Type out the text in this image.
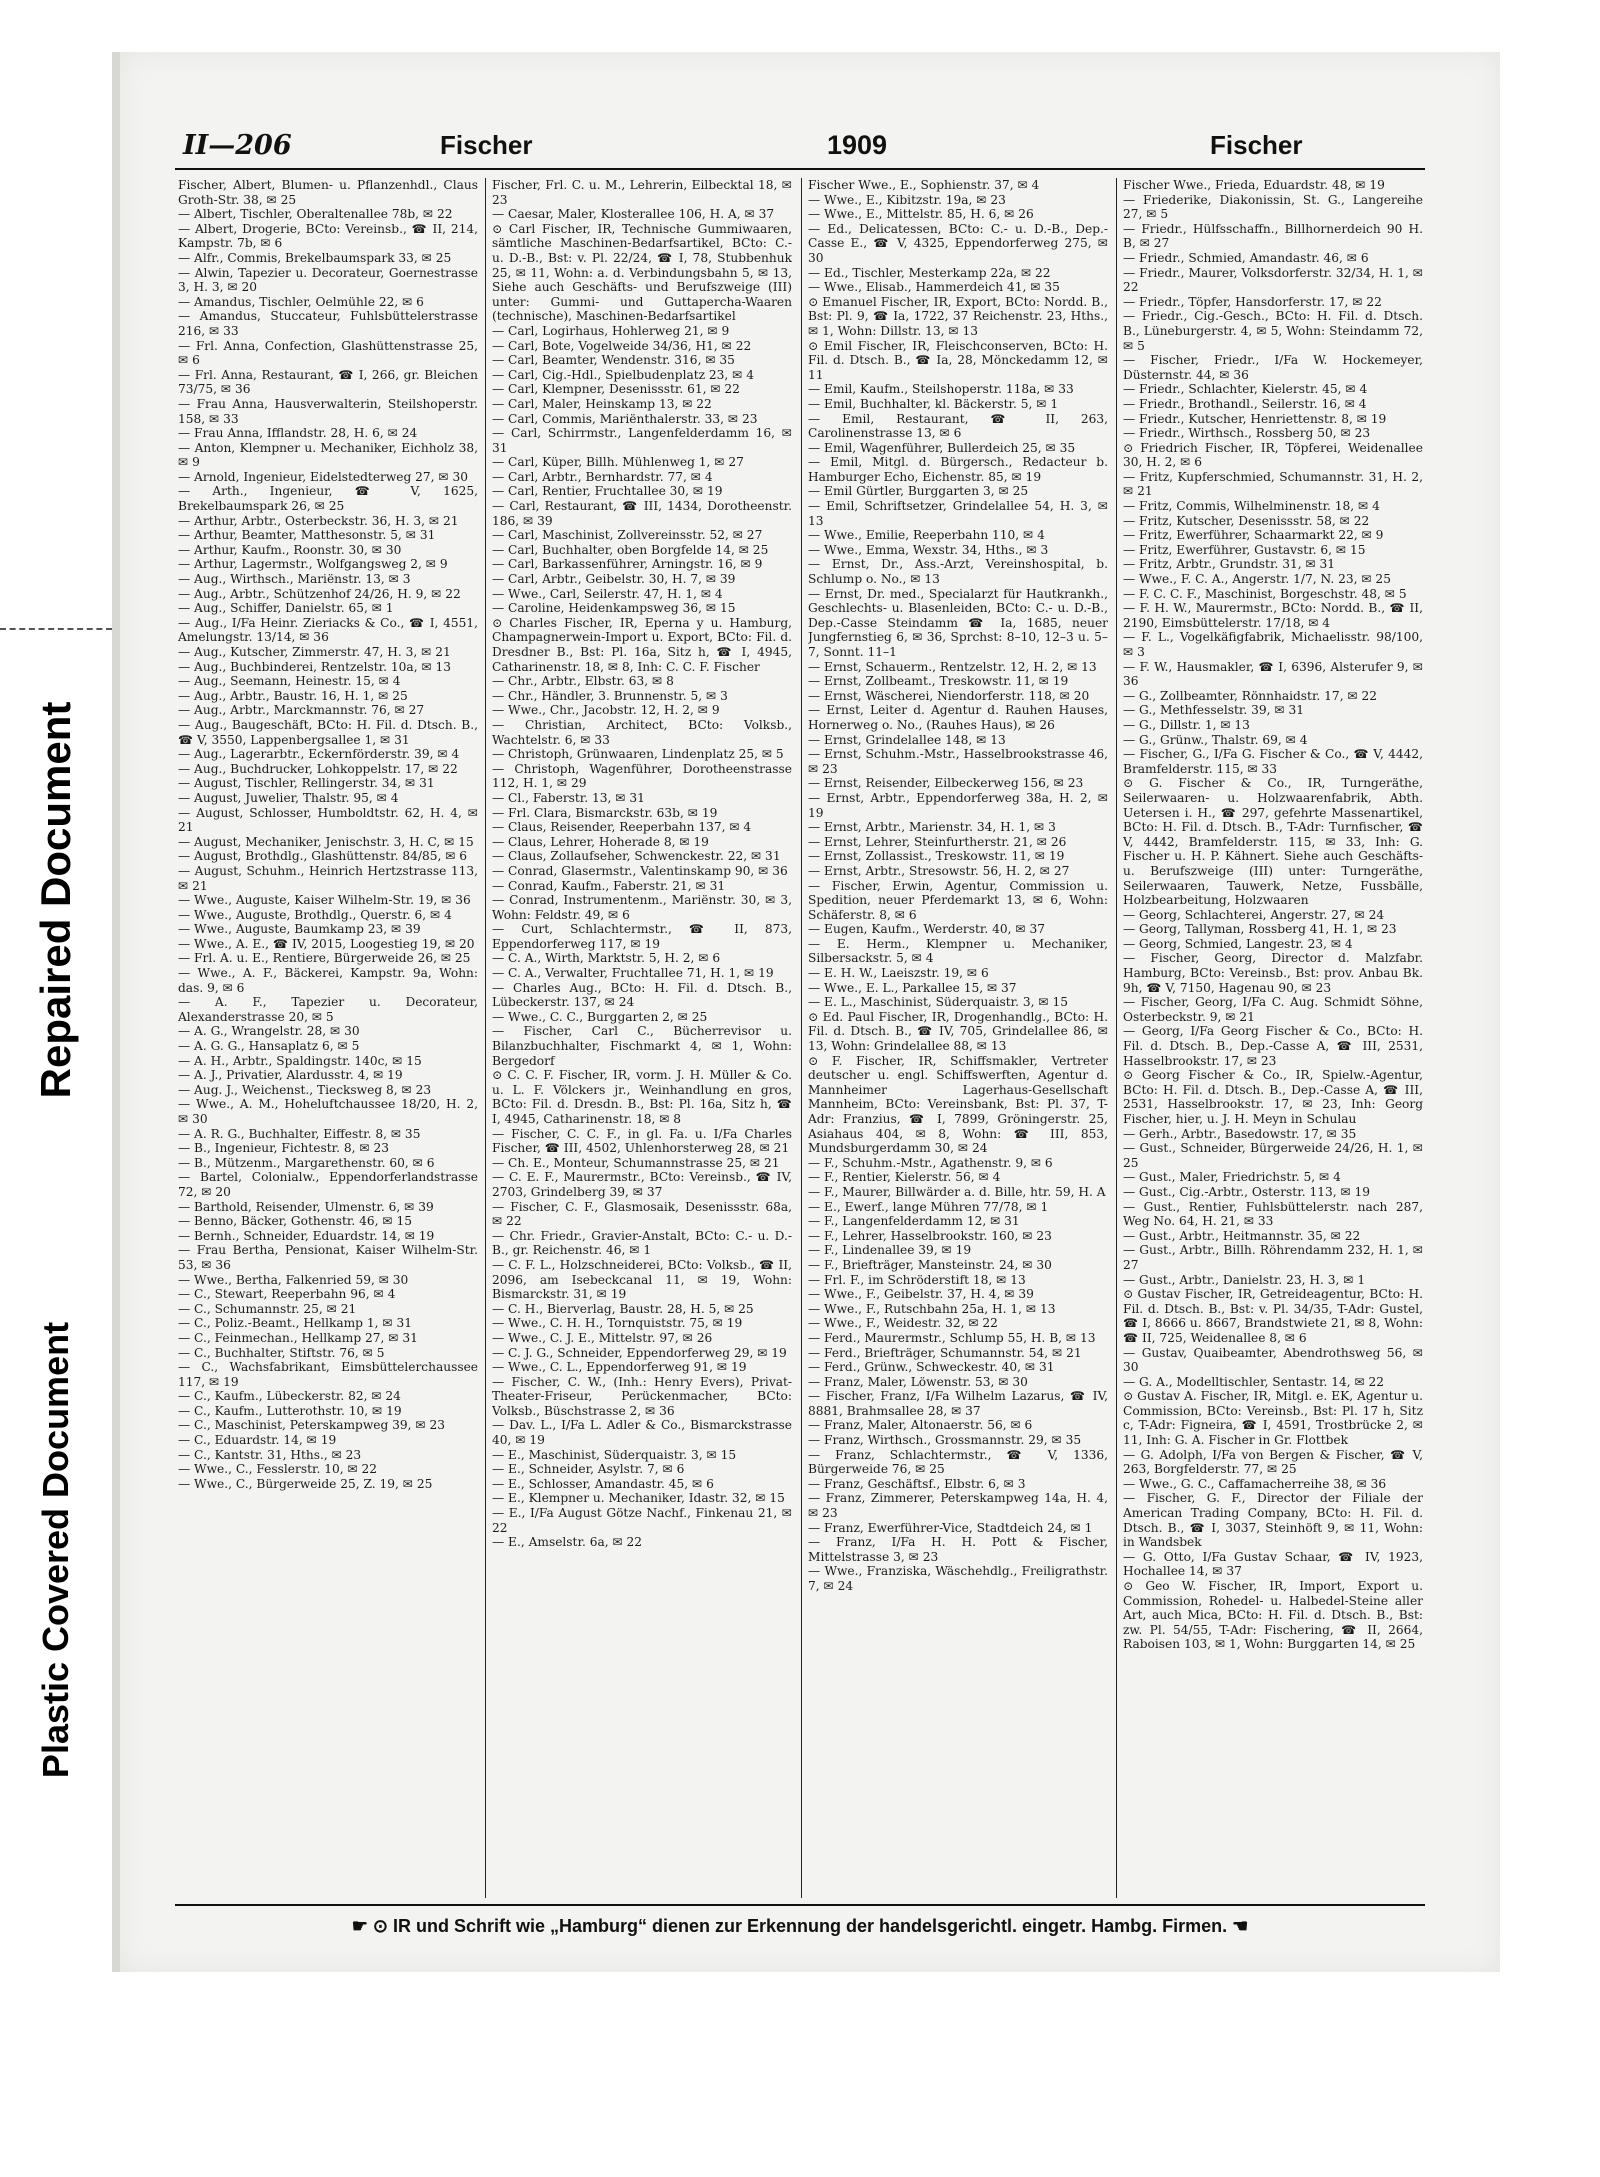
Repaired Document
Plastic Covered Document
II—206	Fischer	1909	Fischer

Fischer, Albert, Blumen- u. Pflanzenhdl., Claus Groth-Str. 38, ✉ 25

— Albert, Tischler, Oberaltenallee 78b, ✉ 22

— Albert, Drogerie, BCto: Vereinsb., ☎ II, 214, Kampstr. 7b, ✉ 6

— Alfr., Commis, Brekelbaumspark 33, ✉ 25

— Alwin, Tapezier u. Decorateur, Goernestrasse 3, H. 3, ✉ 20

— Amandus, Tischler, Oelmühle 22, ✉ 6

— Amandus, Stuccateur, Fuhlsbüttelerstrasse 216, ✉ 33

— Frl. Anna, Confection, Glashüttenstrasse 25, ✉ 6

— Frl. Anna, Restaurant, ☎ I, 266, gr. Bleichen 73/75, ✉ 36

— Frau Anna, Hausverwalterin, Steilshoperstr. 158, ✉ 33

— Frau Anna, Ifflandstr. 28, H. 6, ✉ 24

— Anton, Klempner u. Mechaniker, Eichholz 38, ✉ 9

— Arnold, Ingenieur, Eidelstedterweg 27, ✉ 30

— Arth., Ingenieur, ☎ V, 1625, Brekelbaumspark 26, ✉ 25

— Arthur, Arbtr., Osterbeckstr. 36, H. 3, ✉ 21

— Arthur, Beamter, Matthesonstr. 5, ✉ 31

— Arthur, Kaufm., Roonstr. 30, ✉ 30

— Arthur, Lagermstr., Wolfgangsweg 2, ✉ 9

— Aug., Wirthsch., Mariënstr. 13, ✉ 3

— Aug., Arbtr., Schützenhof 24/26, H. 9, ✉ 22

— Aug., Schiffer, Danielstr. 65, ✉ 1

— Aug., I/Fa Heinr. Zieriacks & Co., ☎ I, 4551, Amelungstr. 13/14, ✉ 36

— Aug., Kutscher, Zimmerstr. 47, H. 3, ✉ 21

— Aug., Buchbinderei, Rentzelstr. 10a, ✉ 13

— Aug., Seemann, Heinestr. 15, ✉ 4

— Aug., Arbtr., Baustr. 16, H. 1, ✉ 25

— Aug., Arbtr., Marckmannstr. 76, ✉ 27

— Aug., Baugeschäft, BCto: H. Fil. d. Dtsch. B., ☎ V, 3550, Lappenbergsallee 1, ✉ 31

— Aug., Lagerarbtr., Eckernförderstr. 39, ✉ 4

— Aug., Buchdrucker, Lohkoppelstr. 17, ✉ 22

— August, Tischler, Rellingerstr. 34, ✉ 31

— August, Juwelier, Thalstr. 95, ✉ 4

— August, Schlosser, Humboldtstr. 62, H. 4, ✉ 21

— August, Mechaniker, Jenischstr. 3, H. C, ✉ 15

— August, Brothdlg., Glashüttenstr. 84/85, ✉ 6

— August, Schuhm., Heinrich Hertzstrasse 113, ✉ 21

— Wwe., Auguste, Kaiser Wilhelm-Str. 19, ✉ 36

— Wwe., Auguste, Brothdlg., Querstr. 6, ✉ 4

— Wwe., Auguste, Baumkamp 23, ✉ 39

— Wwe., A. E., ☎ IV, 2015, Loogestieg 19, ✉ 20

— Frl. A. u. E., Rentiere, Bürgerweide 26, ✉ 25

— Wwe., A. F., Bäckerei, Kampstr. 9a, Wohn: das. 9, ✉ 6

— A. F., Tapezier u. Decorateur, Alexanderstrasse 20, ✉ 5

— A. G., Wrangelstr. 28, ✉ 30

— A. G. G., Hansaplatz 6, ✉ 5

— A. H., Arbtr., Spaldingstr. 140c, ✉ 15

— A. J., Privatier, Alardusstr. 4, ✉ 19

— Aug. J., Weichenst., Tiecksweg 8, ✉ 23

— Wwe., A. M., Hoheluftchaussee 18/20, H. 2, ✉ 30

— A. R. G., Buchhalter, Eiffestr. 8, ✉ 35

— B., Ingenieur, Fichtestr. 8, ✉ 23

— B., Mützenm., Margarethenstr. 60, ✉ 6

— Bartel, Colonialw., Eppendorferlandstrasse 72, ✉ 20

— Barthold, Reisender, Ulmenstr. 6, ✉ 39

— Benno, Bäcker, Gothenstr. 46, ✉ 15

— Bernh., Schneider, Eduardstr. 14, ✉ 19

— Frau Bertha, Pensionat, Kaiser Wilhelm-Str. 53, ✉ 36

— Wwe., Bertha, Falkenried 59, ✉ 30

— C., Stewart, Reeperbahn 96, ✉ 4

— C., Schumannstr. 25, ✉ 21

— C., Poliz.-Beamt., Hellkamp 1, ✉ 31

— C., Feinmechan., Hellkamp 27, ✉ 31

— C., Buchhalter, Stiftstr. 76, ✉ 5

— C., Wachsfabrikant, Eimsbüttelerchaussee 117, ✉ 19

— C., Kaufm., Lübeckerstr. 82, ✉ 24

— C., Kaufm., Lutterothstr. 10, ✉ 19

— C., Maschinist, Peterskampweg 39, ✉ 23

— C., Eduardstr. 14, ✉ 19

— C., Kantstr. 31, Hths., ✉ 23

— Wwe., C., Fesslerstr. 10, ✉ 22

— Wwe., C., Bürgerweide 25, Z. 19, ✉ 25

Fischer, Frl. C. u. M., Lehrerin, Eilbecktal 18, ✉ 23

— Caesar, Maler, Klosterallee 106, H. A, ✉ 37

⊙ Carl Fischer, IR, Technische Gummiwaaren, sämtliche Maschinen-Bedarfsartikel, BCto: C.- u. D.-B., Bst: v. Pl. 22/24, ☎ I, 78, Stubbenhuk 25, ✉ 11, Wohn: a. d. Verbindungsbahn 5, ✉ 13, Siehe auch Geschäfts- und Berufszweige (III) unter: Gummi- und Guttapercha-Waaren (technische), Maschinen-Bedarfsartikel

— Carl, Logirhaus, Hohlerweg 21, ✉ 9

— Carl, Bote, Vogelweide 34/36, H1, ✉ 22

— Carl, Beamter, Wendenstr. 316, ✉ 35

— Carl, Cig.-Hdl., Spielbudenplatz 23, ✉ 4

— Carl, Klempner, Desenissstr. 61, ✉ 22

— Carl, Maler, Heinskamp 13, ✉ 22

— Carl, Commis, Mariënthalerstr. 33, ✉ 23

— Carl, Schirrmstr., Langenfelderdamm 16, ✉ 31

— Carl, Küper, Billh. Mühlenweg 1, ✉ 27

— Carl, Arbtr., Bernhardstr. 77, ✉ 4

— Carl, Rentier, Fruchtallee 30, ✉ 19

— Carl, Restaurant, ☎ III, 1434, Dorotheenstr. 186, ✉ 39

— Carl, Maschinist, Zollvereinsstr. 52, ✉ 27

— Carl, Buchhalter, oben Borgfelde 14, ✉ 25

— Carl, Barkassenführer, Arningstr. 16, ✉ 9

— Carl, Arbtr., Geibelstr. 30, H. 7, ✉ 39

— Wwe., Carl, Seilerstr. 47, H. 1, ✉ 4

— Caroline, Heidenkampsweg 36, ✉ 15

⊙ Charles Fischer, IR, Eperna y u. Hamburg, Champagnerwein-Import u. Export, BCto: Fil. d. Dresdner B., Bst: Pl. 16a, Sitz h, ☎ I, 4945, Catharinenstr. 18, ✉ 8, Inh: C. C. F. Fischer

— Chr., Arbtr., Elbstr. 63, ✉ 8

— Chr., Händler, 3. Brunnenstr. 5, ✉ 3

— Wwe., Chr., Jacobstr. 12, H. 2, ✉ 9

— Christian, Architect, BCto: Volksb., Wachtelstr. 6, ✉ 33

— Christoph, Grünwaaren, Lindenplatz 25, ✉ 5

— Christoph, Wagenführer, Dorotheenstrasse 112, H. 1, ✉ 29

— Cl., Faberstr. 13, ✉ 31

— Frl. Clara, Bismarckstr. 63b, ✉ 19

— Claus, Reisender, Reeperbahn 137, ✉ 4

— Claus, Lehrer, Hoherade 8, ✉ 19

— Claus, Zollaufseher, Schwenckestr. 22, ✉ 31

— Conrad, Glasermstr., Valentinskamp 90, ✉ 36

— Conrad, Kaufm., Faberstr. 21, ✉ 31

— Conrad, Instrumentenm., Mariënstr. 30, ✉ 3, Wohn: Feldstr. 49, ✉ 6

— Curt, Schlachtermstr., ☎ II, 873, Eppendorferweg 117, ✉ 19

— C. A., Wirth, Marktstr. 5, H. 2, ✉ 6

— C. A., Verwalter, Fruchtallee 71, H. 1, ✉ 19

— Charles Aug., BCto: H. Fil. d. Dtsch. B., Lübeckerstr. 137, ✉ 24

— Wwe., C. C., Burggarten 2, ✉ 25

— Fischer, Carl C., Bücherrevisor u. Bilanzbuchhalter, Fischmarkt 4, ✉ 1, Wohn: Bergedorf

⊙ C. C. F. Fischer, IR, vorm. J. H. Müller & Co. u. L. F. Völckers jr., Weinhandlung en gros, BCto: Fil. d. Dresdn. B., Bst: Pl. 16a, Sitz h, ☎ I, 4945, Catharinenstr. 18, ✉ 8

— Fischer, C. C. F., in gl. Fa. u. I/Fa Charles Fischer, ☎ III, 4502, Uhlenhorsterweg 28, ✉ 21

— Ch. E., Monteur, Schumannstrasse 25, ✉ 21

— C. E. F., Maurermstr., BCto: Vereinsb., ☎ IV, 2703, Grindelberg 39, ✉ 37

— Fischer, C. F., Glasmosaik, Desenissstr. 68a, ✉ 22

— Chr. Friedr., Gravier-Anstalt, BCto: C.- u. D.-B., gr. Reichenstr. 46, ✉ 1

— C. F. L., Holzschneiderei, BCto: Volksb., ☎ II, 2096, am Isebeckcanal 11, ✉ 19, Wohn: Bismarckstr. 31, ✉ 19

— C. H., Bierverlag, Baustr. 28, H. 5, ✉ 25

— Wwe., C. H. H., Tornquiststr. 75, ✉ 19

— Wwe., C. J. E., Mittelstr. 97, ✉ 26

— C. J. G., Schneider, Eppendorferweg 29, ✉ 19

— Wwe., C. L., Eppendorferweg 91, ✉ 19

— Fischer, C. W., (Inh.: Henry Evers), Privat-Theater-Friseur, Perückenmacher, BCto: Volksb., Büschstrasse 2, ✉ 36

— Dav. L., I/Fa L. Adler & Co., Bismarckstrasse 40, ✉ 19

— E., Maschinist, Süderquaistr. 3, ✉ 15

— E., Schneider, Asylstr. 7, ✉ 6

— E., Schlosser, Amandastr. 45, ✉ 6

— E., Klempner u. Mechaniker, Idastr. 32, ✉ 15

— E., I/Fa August Götze Nachf., Finkenau 21, ✉ 22

— E., Amselstr. 6a, ✉ 22

Fischer Wwe., E., Sophienstr. 37, ✉ 4

— Wwe., E., Kibitzstr. 19a, ✉ 23

— Wwe., E., Mittelstr. 85, H. 6, ✉ 26

— Ed., Delicatessen, BCto: C.- u. D.-B., Dep.-Casse E., ☎ V, 4325, Eppendorferweg 275, ✉ 30

— Ed., Tischler, Mesterkamp 22a, ✉ 22

— Wwe., Elisab., Hammerdeich 41, ✉ 35

⊙ Emanuel Fischer, IR, Export, BCto: Nordd. B., Bst: Pl. 9, ☎ Ia, 1722, 37 Reichenstr. 23, Hths., ✉ 1, Wohn: Dillstr. 13, ✉ 13

⊙ Emil Fischer, IR, Fleischconserven, BCto: H. Fil. d. Dtsch. B., ☎ Ia, 28, Mönckedamm 12, ✉ 11

— Emil, Kaufm., Steilshoperstr. 118a, ✉ 33

— Emil, Buchhalter, kl. Bäckerstr. 5, ✉ 1

— Emil, Restaurant, ☎ II, 263, Carolinenstrasse 13, ✉ 6

— Emil, Wagenführer, Bullerdeich 25, ✉ 35

— Emil, Mitgl. d. Bürgersch., Redacteur b. Hamburger Echo, Eichenstr. 85, ✉ 19

— Emil Gürtler, Burggarten 3, ✉ 25

— Emil, Schriftsetzer, Grindelallee 54, H. 3, ✉ 13

— Wwe., Emilie, Reeperbahn 110, ✉ 4

— Wwe., Emma, Wexstr. 34, Hths., ✉ 3

— Ernst, Dr., Ass.-Arzt, Vereinshospital, b. Schlump o. No., ✉ 13

— Ernst, Dr. med., Specialarzt für Hautkrankh., Geschlechts- u. Blasenleiden, BCto: C.- u. D.-B., Dep.-Casse Steindamm ☎ Ia, 1685, neuer Jungfernstieg 6, ✉ 36, Sprchst: 8–10, 12–3 u. 5–7, Sonnt. 11–1

— Ernst, Schauerm., Rentzelstr. 12, H. 2, ✉ 13

— Ernst, Zollbeamt., Treskowstr. 11, ✉ 19

— Ernst, Wäscherei, Niendorferstr. 118, ✉ 20

— Ernst, Leiter d. Agentur d. Rauhen Hauses, Hornerweg o. No., (Rauhes Haus), ✉ 26

— Ernst, Grindelallee 148, ✉ 13

— Ernst, Schuhm.-Mstr., Hasselbrookstrasse 46, ✉ 23

— Ernst, Reisender, Eilbeckerweg 156, ✉ 23

— Ernst, Arbtr., Eppendorferweg 38a, H. 2, ✉ 19

— Ernst, Arbtr., Marienstr. 34, H. 1, ✉ 3

— Ernst, Lehrer, Steinfurtherstr. 21, ✉ 26

— Ernst, Zollassist., Treskowstr. 11, ✉ 19

— Ernst, Arbtr., Stresowstr. 56, H. 2, ✉ 27

— Fischer, Erwin, Agentur, Commission u. Spedition, neuer Pferdemarkt 13, ✉ 6, Wohn: Schäferstr. 8, ✉ 6

— Eugen, Kaufm., Werderstr. 40, ✉ 37

— E. Herm., Klempner u. Mechaniker, Silbersackstr. 5, ✉ 4

— E. H. W., Laeiszstr. 19, ✉ 6

— Wwe., E. L., Parkallee 15, ✉ 37

— E. L., Maschinist, Süderquaistr. 3, ✉ 15

⊙ Ed. Paul Fischer, IR, Drogenhandlg., BCto: H. Fil. d. Dtsch. B., ☎ IV, 705, Grindelallee 86, ✉ 13, Wohn: Grindelallee 88, ✉ 13

⊙ F. Fischer, IR, Schiffsmakler, Vertreter deutscher u. engl. Schiffswerften, Agentur d. Mannheimer Lagerhaus-Gesellschaft Mannheim, BCto: Vereinsbank, Bst: Pl. 37, T-Adr: Franzius, ☎ I, 7899, Gröningerstr. 25, Asiahaus 404, ✉ 8, Wohn: ☎ III, 853, Mundsburgerdamm 30, ✉ 24

— F., Schuhm.-Mstr., Agathenstr. 9, ✉ 6

— F., Rentier, Kielerstr. 56, ✉ 4

— F., Maurer, Billwärder a. d. Bille, htr. 59, H. A

— E., Ewerf., lange Mühren 77/78, ✉ 1

— F., Langenfelderdamm 12, ✉ 31

— F., Lehrer, Hasselbrookstr. 160, ✉ 23

— F., Lindenallee 39, ✉ 19

— F., Briefträger, Mansteinstr. 24, ✉ 30

— Frl. F., im Schröderstift 18, ✉ 13

— Wwe., F., Geibelstr. 37, H. 4, ✉ 39

— Wwe., F., Rutschbahn 25a, H. 1, ✉ 13

— Wwe., F., Weidestr. 32, ✉ 22

— Ferd., Maurermstr., Schlump 55, H. B, ✉ 13

— Ferd., Briefträger, Schumannstr. 54, ✉ 21

— Ferd., Grünw., Schweckestr. 40, ✉ 31

— Franz, Maler, Löwenstr. 53, ✉ 30

— Fischer, Franz, I/Fa Wilhelm Lazarus, ☎ IV, 8881, Brahmsallee 28, ✉ 37

— Franz, Maler, Altonaerstr. 56, ✉ 6

— Franz, Wirthsch., Grossmannstr. 29, ✉ 35

— Franz, Schlachtermstr., ☎ V, 1336, Bürgerweide 76, ✉ 25

— Franz, Geschäftsf., Elbstr. 6, ✉ 3

— Franz, Zimmerer, Peterskampweg 14a, H. 4, ✉ 23

— Franz, Ewerführer-Vice, Stadtdeich 24, ✉ 1

— Franz, I/Fa H. H. Pott & Fischer, Mittelstrasse 3, ✉ 23

— Wwe., Franziska, Wäschehdlg., Freiligrathstr. 7, ✉ 24

Fischer Wwe., Frieda, Eduardstr. 48, ✉ 19

— Friederike, Diakonissin, St. G., Langereihe 27, ✉ 5

— Friedr., Hülfsschaffn., Billhornerdeich 90 H. B, ✉ 27

— Friedr., Schmied, Amandastr. 46, ✉ 6

— Friedr., Maurer, Volksdorferstr. 32/34, H. 1, ✉ 22

— Friedr., Töpfer, Hansdorferstr. 17, ✉ 22

— Friedr., Cig.-Gesch., BCto: H. Fil. d. Dtsch. B., Lüneburgerstr. 4, ✉ 5, Wohn: Steindamm 72, ✉ 5

— Fischer, Friedr., I/Fa W. Hockemeyer, Düsternstr. 44, ✉ 36

— Friedr., Schlachter, Kielerstr. 45, ✉ 4

— Friedr., Brothandl., Seilerstr. 16, ✉ 4

— Friedr., Kutscher, Henriettenstr. 8, ✉ 19

— Friedr., Wirthsch., Rossberg 50, ✉ 23

⊙ Friedrich Fischer, IR, Töpferei, Weidenallee 30, H. 2, ✉ 6

— Fritz, Kupferschmied, Schumannstr. 31, H. 2, ✉ 21

— Fritz, Commis, Wilhelminenstr. 18, ✉ 4

— Fritz, Kutscher, Desenissstr. 58, ✉ 22

— Fritz, Ewerführer, Schaarmarkt 22, ✉ 9

— Fritz, Ewerführer, Gustavstr. 6, ✉ 15

— Fritz, Arbtr., Grundstr. 31, ✉ 31

— Wwe., F. C. A., Angerstr. 1/7, N. 23, ✉ 25

— F. C. C. F., Maschinist, Borgeschstr. 48, ✉ 5

— F. H. W., Maurermstr., BCto: Nordd. B., ☎ II, 2190, Eimsbüttelerstr. 17/18, ✉ 4

— F. L., Vogelkäfigfabrik, Michaelisstr. 98/100, ✉ 3

— F. W., Hausmakler, ☎ I, 6396, Alsterufer 9, ✉ 36

— G., Zollbeamter, Rönnhaidstr. 17, ✉ 22

— G., Methfesselstr. 39, ✉ 31

— G., Dillstr. 1, ✉ 13

— G., Grünw., Thalstr. 69, ✉ 4

— Fischer, G., I/Fa G. Fischer & Co., ☎ V, 4442, Bramfelderstr. 115, ✉ 33

⊙ G. Fischer & Co., IR, Turngeräthe, Seilerwaaren- u. Holzwaarenfabrik, Abth. Uetersen i. H., ☎ 297, gefehrte Massenartikel, BCto: H. Fil. d. Dtsch. B., T-Adr: Turnfischer, ☎ V, 4442, Bramfelderstr. 115, ✉ 33, Inh: G. Fischer u. H. P. Kähnert. Siehe auch Geschäfts- u. Berufszweige (III) unter: Turngeräthe, Seilerwaaren, Tauwerk, Netze, Fussbälle, Holzbearbeitung, Holzwaaren

— Georg, Schlachterei, Angerstr. 27, ✉ 24

— Georg, Tallyman, Rossberg 41, H. 1, ✉ 23

— Georg, Schmied, Langestr. 23, ✉ 4

— Fischer, Georg, Director d. Malzfabr. Hamburg, BCto: Vereinsb., Bst: prov. Anbau Bk. 9h, ☎ V, 7150, Hagenau 90, ✉ 23

— Fischer, Georg, I/Fa C. Aug. Schmidt Söhne, Osterbeckstr. 9, ✉ 21

— Georg, I/Fa Georg Fischer & Co., BCto: H. Fil. d. Dtsch. B., Dep.-Casse A, ☎ III, 2531, Hasselbrookstr. 17, ✉ 23

⊙ Georg Fischer & Co., IR, Spielw.-Agentur, BCto: H. Fil. d. Dtsch. B., Dep.-Casse A, ☎ III, 2531, Hasselbrookstr. 17, ✉ 23, Inh: Georg Fischer, hier, u. J. H. Meyn in Schulau

— Gerh., Arbtr., Basedowstr. 17, ✉ 35

— Gust., Schneider, Bürgerweide 24/26, H. 1, ✉ 25

— Gust., Maler, Friedrichstr. 5, ✉ 4

— Gust., Cig.-Arbtr., Osterstr. 113, ✉ 19

— Gust., Rentier, Fuhlsbüttelerstr. nach 287, Weg No. 64, H. 21, ✉ 33

— Gust., Arbtr., Heitmannstr. 35, ✉ 22

— Gust., Arbtr., Billh. Röhrendamm 232, H. 1, ✉ 27

— Gust., Arbtr., Danielstr. 23, H. 3, ✉ 1

⊙ Gustav Fischer, IR, Getreideagentur, BCto: H. Fil. d. Dtsch. B., Bst: v. Pl. 34/35, T-Adr: Gustel, ☎ I, 8666 u. 8667, Brandstwiete 21, ✉ 8, Wohn: ☎ II, 725, Weidenallee 8, ✉ 6

— Gustav, Quaibeamter, Abendrothsweg 56, ✉ 30

— G. A., Modelltischler, Sentastr. 14, ✉ 22

⊙ Gustav A. Fischer, IR, Mitgl. e. EK, Agentur u. Commission, BCto: Vereinsb., Bst: Pl. 17 h, Sitz c, T-Adr: Figneira, ☎ I, 4591, Trostbrücke 2, ✉ 11, Inh: G. A. Fischer in Gr. Flottbek

— G. Adolph, I/Fa von Bergen & Fischer, ☎ V, 263, Borgfelderstr. 77, ✉ 25

— Wwe., G. C., Caffamacherreihe 38, ✉ 36

— Fischer, G. F., Director der Filiale der American Trading Company, BCto: H. Fil. d. Dtsch. B., ☎ I, 3037, Steinhöft 9, ✉ 11, Wohn: in Wandsbek

— G. Otto, I/Fa Gustav Schaar, ☎ IV, 1923, Hochallee 14, ✉ 37

⊙ Geo W. Fischer, IR, Import, Export u. Commission, Rohedel- u. Halbedel-Steine aller Art, auch Mica, BCto: H. Fil. d. Dtsch. B., Bst: zw. Pl. 54/55, T-Adr: Fischering, ☎ II, 2664, Raboisen 103, ✉ 1, Wohn: Burggarten 14, ✉ 25

☛ ⊙ IR und Schrift wie „Hamburg“ dienen zur Erkennung der handelsgerichtl. eingetr. Hambg. Firmen. ☚
